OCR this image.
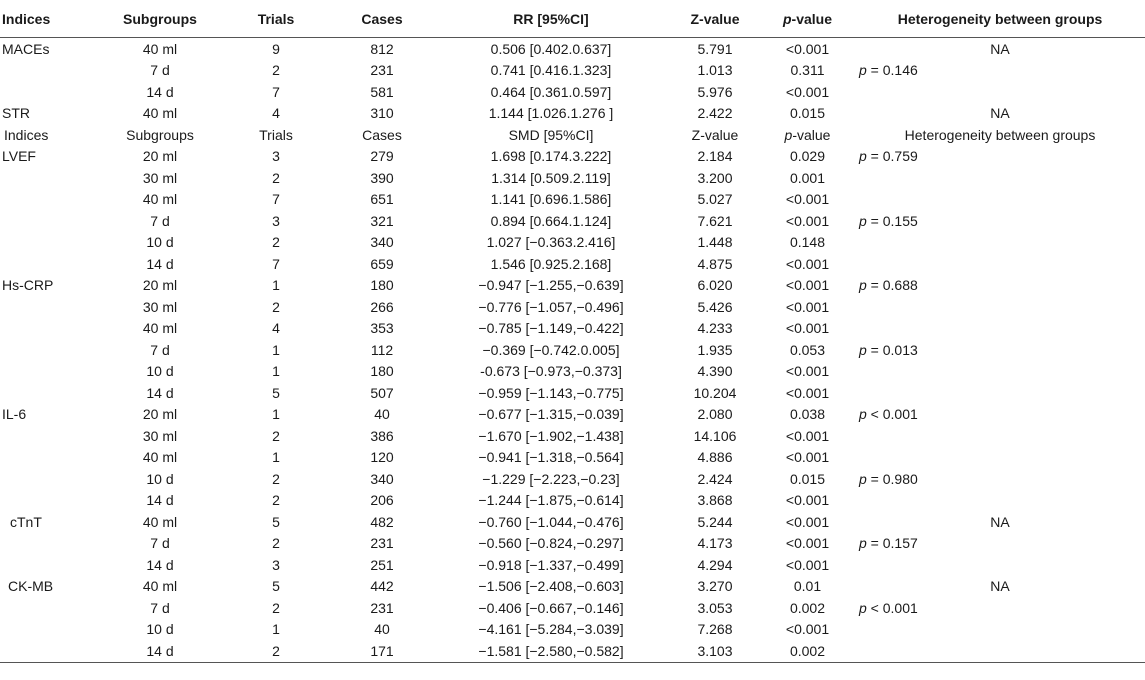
Indices	Subgroups	Trials	Cases	RR [95%CI]	Z-value	p-value	Heterogeneity between groups
MACEs	40 ml	9	812	0.506 [0.402.0.637]	5.791	<0.001	NA
	7 d	2	231	0.741 [0.416.1.323]	1.013	0.311	p = 0.146
	14 d	7	581	0.464 [0.361.0.597]	5.976	<0.001	
STR	40 ml	4	310	1.144 [1.026.1.276 ]	2.422	0.015	NA
Indices	Subgroups	Trials	Cases	SMD [95%CI]	Z-value	p-value	Heterogeneity between groups
LVEF	20 ml	3	279	1.698 [0.174.3.222]	2.184	0.029	p = 0.759
	30 ml	2	390	1.314 [0.509.2.119]	3.200	0.001	
	40 ml	7	651	1.141 [0.696.1.586]	5.027	<0.001	
	7 d	3	321	0.894 [0.664.1.124]	7.621	<0.001	p = 0.155
	10 d	2	340	1.027 [−0.363.2.416]	1.448	0.148	
	14 d	7	659	1.546 [0.925.2.168]	4.875	<0.001	
Hs-CRP	20 ml	1	180	−0.947 [−1.255,−0.639]	6.020	<0.001	p = 0.688
	30 ml	2	266	−0.776 [−1.057,−0.496]	5.426	<0.001	
	40 ml	4	353	−0.785 [−1.149,−0.422]	4.233	<0.001	
	7 d	1	112	−0.369 [−0.742.0.005]	1.935	0.053	p = 0.013
	10 d	1	180	-0.673 [−0.973,−0.373]	4.390	<0.001	
	14 d	5	507	−0.959 [−1.143,−0.775]	10.204	<0.001	
IL-6	20 ml	1	40	−0.677 [−1.315,−0.039]	2.080	0.038	p < 0.001
	30 ml	2	386	−1.670 [−1.902,−1.438]	14.106	<0.001	
	40 ml	1	120	−0.941 [−1.318,−0.564]	4.886	<0.001	
	10 d	2	340	−1.229 [−2.223,−0.23]	2.424	0.015	p = 0.980
	14 d	2	206	−1.244 [−1.875,−0.614]	3.868	<0.001	
cTnT	40 ml	5	482	−0.760 [−1.044,−0.476]	5.244	<0.001	NA
	7 d	2	231	−0.560 [−0.824,−0.297]	4.173	<0.001	p = 0.157
	14 d	3	251	−0.918 [−1.337,−0.499]	4.294	<0.001	
CK-MB	40 ml	5	442	−1.506 [−2.408,−0.603]	3.270	0.01	NA
	7 d	2	231	−0.406 [−0.667,−0.146]	3.053	0.002	p < 0.001
	10 d	1	40	−4.161 [−5.284,−3.039]	7.268	<0.001	
	14 d	2	171	−1.581 [−2.580,−0.582]	3.103	0.002	
